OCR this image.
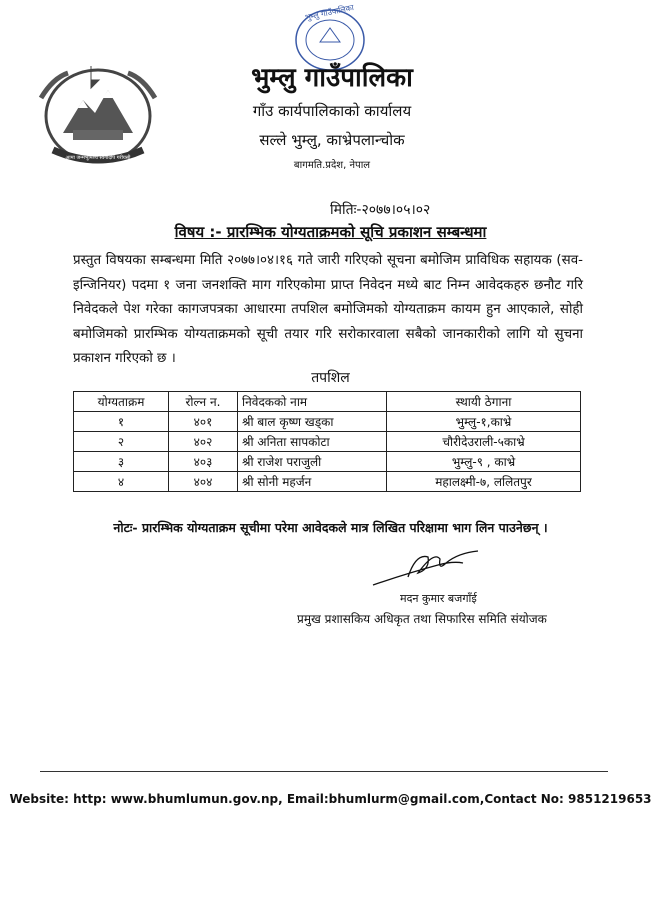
आमा जन्मभूमिश्च स्वर्गादपि गरीयसी
भुम्लु गाउँपालिका
भुम्लु गाउँपालिका
गाँउ कार्यपालिकाको कार्यालय
सल्ले भुम्लु, काभ्रेपलान्चोक
बागमति.प्रदेश, नेपाल
मितिः-२०७७।०५।०२
विषय :- प्रारम्भिक योग्यताक्रमको सूचि प्रकाशन सम्बन्धमा
प्रस्तुत विषयका सम्बन्धमा मिति २०७७।०४।१६ गते जारी गरिएको सूचना बमोजिम प्राविधिक सहायक (सव-इन्जिनियर) पदमा १ जना जनशक्ति माग गरिएकोमा प्राप्त निवेदन मध्ये बाट निम्न आवेदकहरु छनौट गरि निवेदकले पेश गरेका कागजपत्रका आधारमा तपशिल बमोजिमको योग्यताक्रम कायम हुन आएकाले, सोही बमोजिमको प्रारम्भिक योग्यताक्रमको सूची तयार गरि सरोकारवाला सबैको जानकारीको लागि यो सुचना प्रकाशन गरिएको छ ।
तपशिल
योग्यताक्रम	रोल्न न.	निवेदकको नाम	स्थायी ठेगाना
१	४०१	श्री बाल कृष्ण खड्का	भुम्लु-१,काभ्रे
२	४०२	श्री अनिता सापकोटा	चौरीदेउराली-५काभ्रे
३	४०३	श्री राजेश पराजुली	भुम्लु-९ , काभ्रे
४	४०४	श्री सोनी महर्जन	महालक्ष्मी-७, ललितपुर
नोटः- प्रारम्भिक योग्यताक्रम सूचीमा परेमा आवेदकले मात्र लिखित परिक्षामा भाग लिन पाउनेछन् ।
मदन कुमार बजगाँई
प्रमुख प्रशासकिय अधिकृत तथा सिफारिस समिति संयोजक
Website: http: www.bhumlumun.gov.np, Email:bhumlurm@gmail.com,Contact No: 9851219653
